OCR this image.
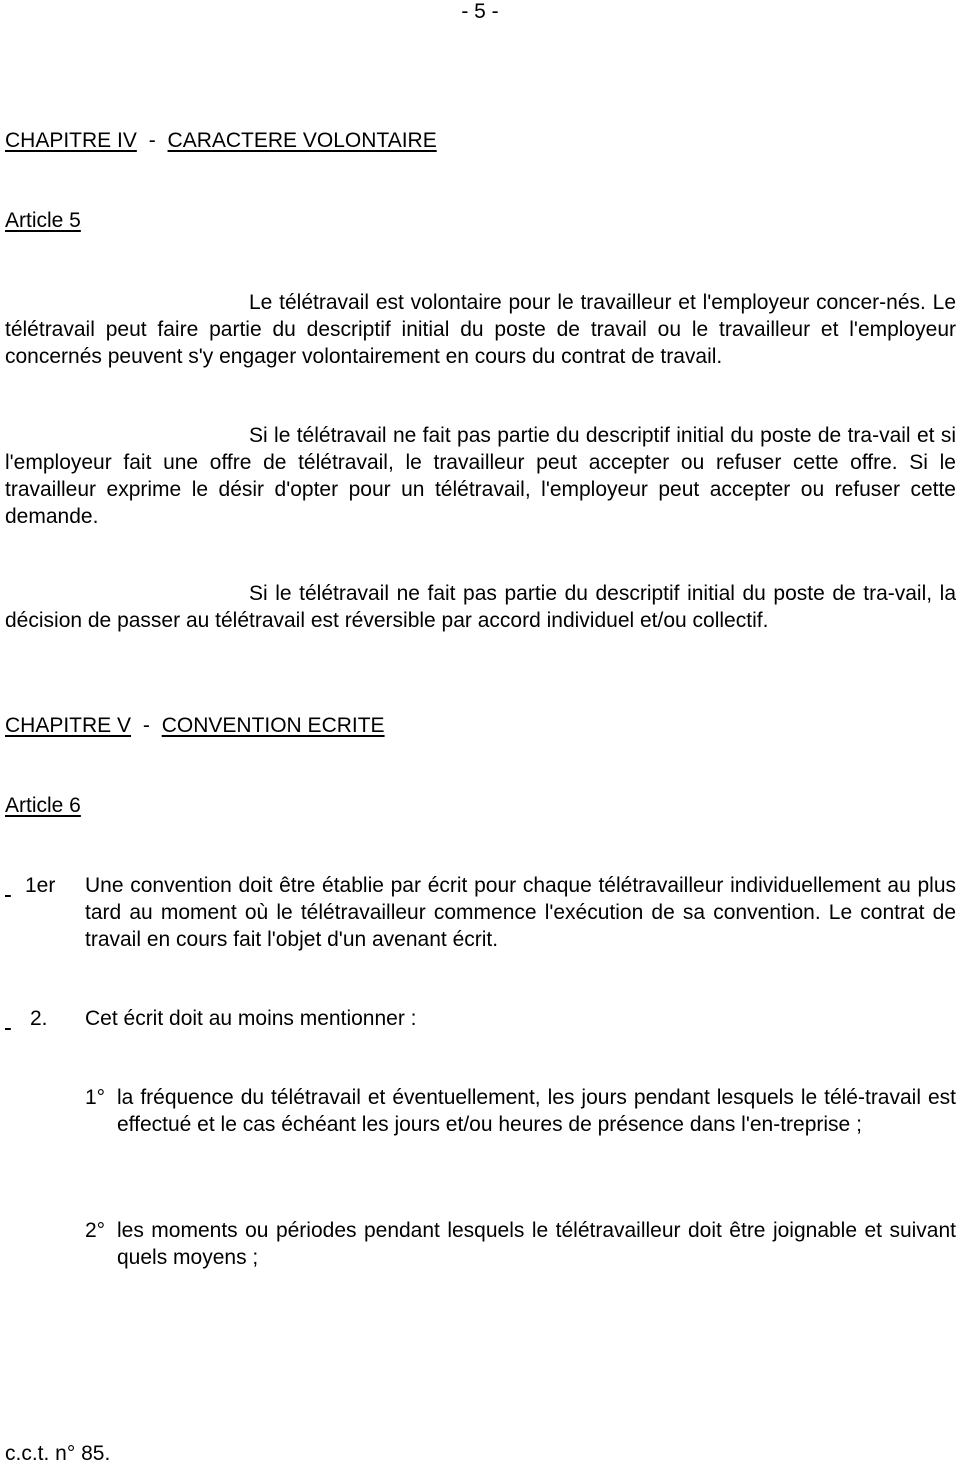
- 5 -
CHAPITRE IV - CARACTERE VOLONTAIRE
Article 5
Le télétravail est volontaire pour le travailleur et l'employeur concer-nés. Le télétravail peut faire partie du descriptif initial du poste de travail ou le travailleur et l'employeur concernés peuvent s'y engager volontairement en cours du contrat de travail.
Si le télétravail ne fait pas partie du descriptif initial du poste de tra-vail et si l'employeur fait une offre de télétravail, le travailleur peut accepter ou refuser cette offre. Si le travailleur exprime le désir d'opter pour un télétravail, l'employeur peut accepter ou refuser cette demande.
Si le télétravail ne fait pas partie du descriptif initial du poste de tra-vail, la décision de passer au télétravail est réversible par accord individuel et/ou collectif.
CHAPITRE V - CONVENTION ECRITE
Article 6
1er Une convention doit être établie par écrit pour chaque télétravailleur individuellement au plus tard au moment où le télétravailleur commence l'exécution de sa convention. Le contrat de travail en cours fait l'objet d'un avenant écrit.
2. Cet écrit doit au moins mentionner :
1° la fréquence du télétravail et éventuellement, les jours pendant lesquels le télé-travail est effectué et le cas échéant les jours et/ou heures de présence dans l'en-treprise ;
2° les moments ou périodes pendant lesquels le télétravailleur doit être joignable et suivant quels moyens ;
c.c.t. n° 85.
